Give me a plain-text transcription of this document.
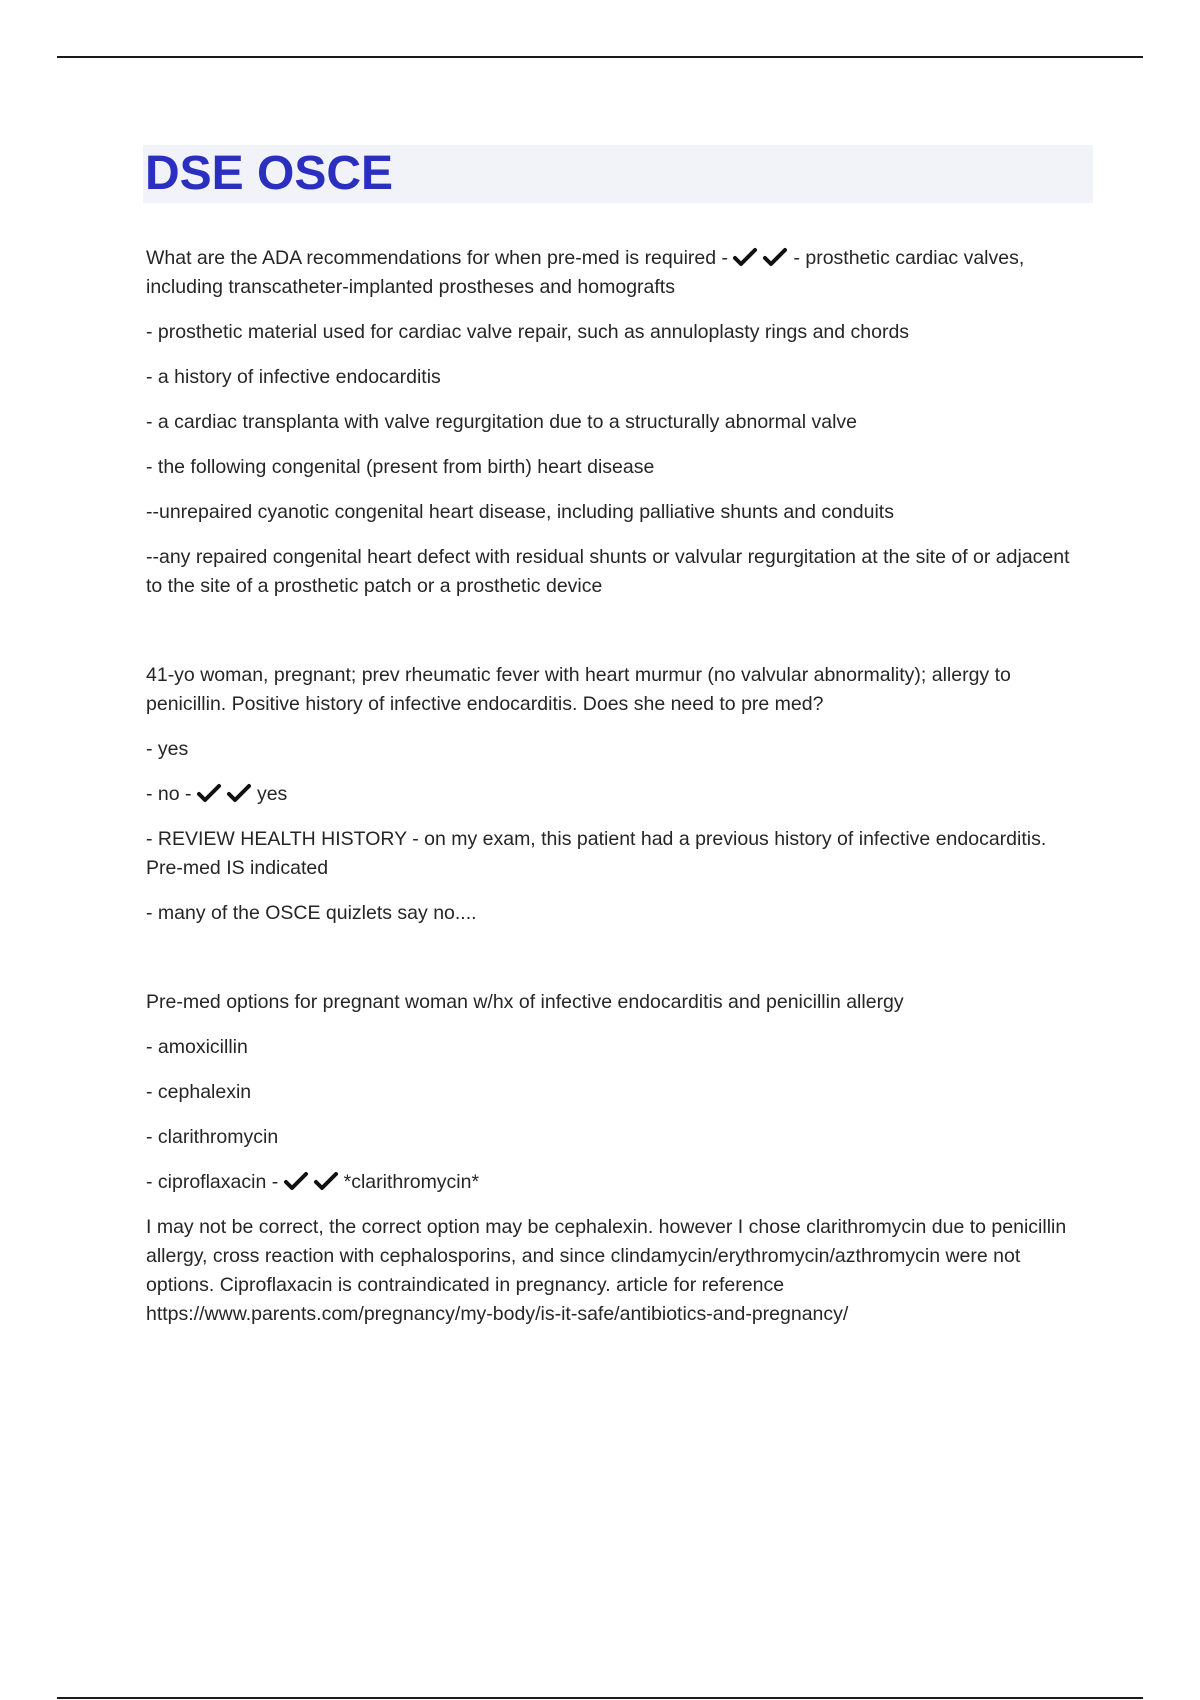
DSE OSCE

What are the ADA recommendations for when pre-med is required -	- prosthetic cardiac valves, including transcatheter-implanted prostheses and homografts

- prosthetic material used for cardiac valve repair, such as annuloplasty rings and chords

- a history of infective endocarditis

- a cardiac transplanta with valve regurgitation due to a structurally abnormal valve

- the following congenital (present from birth) heart disease

--unrepaired cyanotic congenital heart disease, including palliative shunts and conduits

--any repaired congenital heart defect with residual shunts or valvular regurgitation at the site of or adjacent to the site of a prosthetic patch or a prosthetic device

41-yo woman, pregnant; prev rheumatic fever with heart murmur (no valvular abnormality); allergy to penicillin. Positive history of infective endocarditis. Does she need to pre med?

- yes

- no -	yes

- REVIEW HEALTH HISTORY - on my exam, this patient had a previous history of infective endocarditis. Pre-med IS indicated

- many of the OSCE quizlets say no....

Pre-med options for pregnant woman w/hx of infective endocarditis and penicillin allergy

- amoxicillin

- cephalexin

- clarithromycin

- ciproflaxacin -	*clarithromycin*

I may not be correct, the correct option may be cephalexin. however I chose clarithromycin due to penicillin allergy, cross reaction with cephalosporins, and since clindamycin/erythromycin/azthromycin were not options. Ciproflaxacin is contraindicated in pregnancy. article for reference
https://www.parents.com/pregnancy/my-body/is-it-safe/antibiotics-and-pregnancy/
